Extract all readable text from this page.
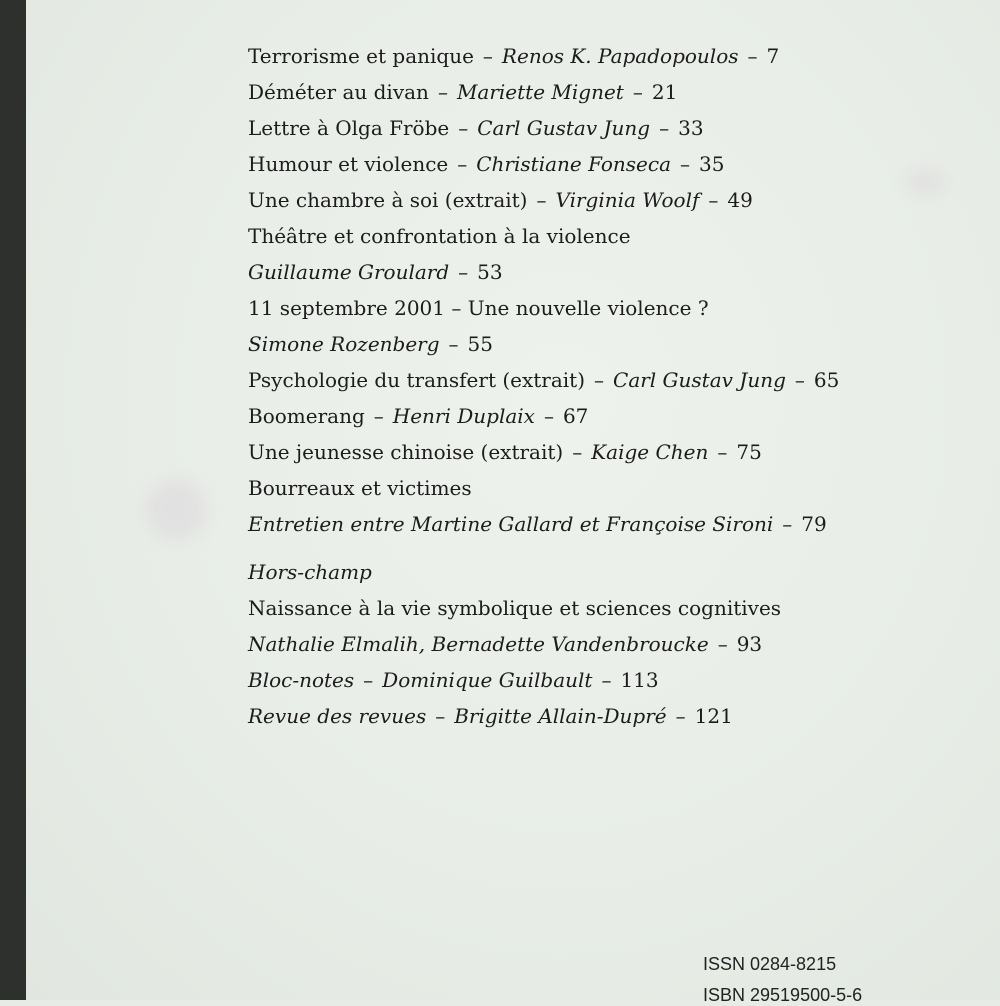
Terrorisme et panique – Renos K. Papadopoulos – 7
Déméter au divan – Mariette Mignet – 21
Lettre à Olga Fröbe – Carl Gustav Jung – 33
Humour et violence – Christiane Fonseca – 35
Une chambre à soi (extrait) – Virginia Woolf – 49
Théâtre et confrontation à la violence
Guillaume Groulard – 53
11 septembre 2001 – Une nouvelle violence ?
Simone Rozenberg – 55
Psychologie du transfert (extrait) – Carl Gustav Jung – 65
Boomerang – Henri Duplaix – 67
Une jeunesse chinoise (extrait) – Kaige Chen – 75
Bourreaux et victimes
Entretien entre Martine Gallard et Françoise Sironi – 79
Hors-champ
Naissance à la vie symbolique et sciences cognitives
Nathalie Elmalih, Bernadette Vandenbroucke – 93
Bloc-notes – Dominique Guilbault – 113
Revue des revues – Brigitte Allain-Dupré – 121
ISSN 0284-8215
ISBN 29519500-5-6
